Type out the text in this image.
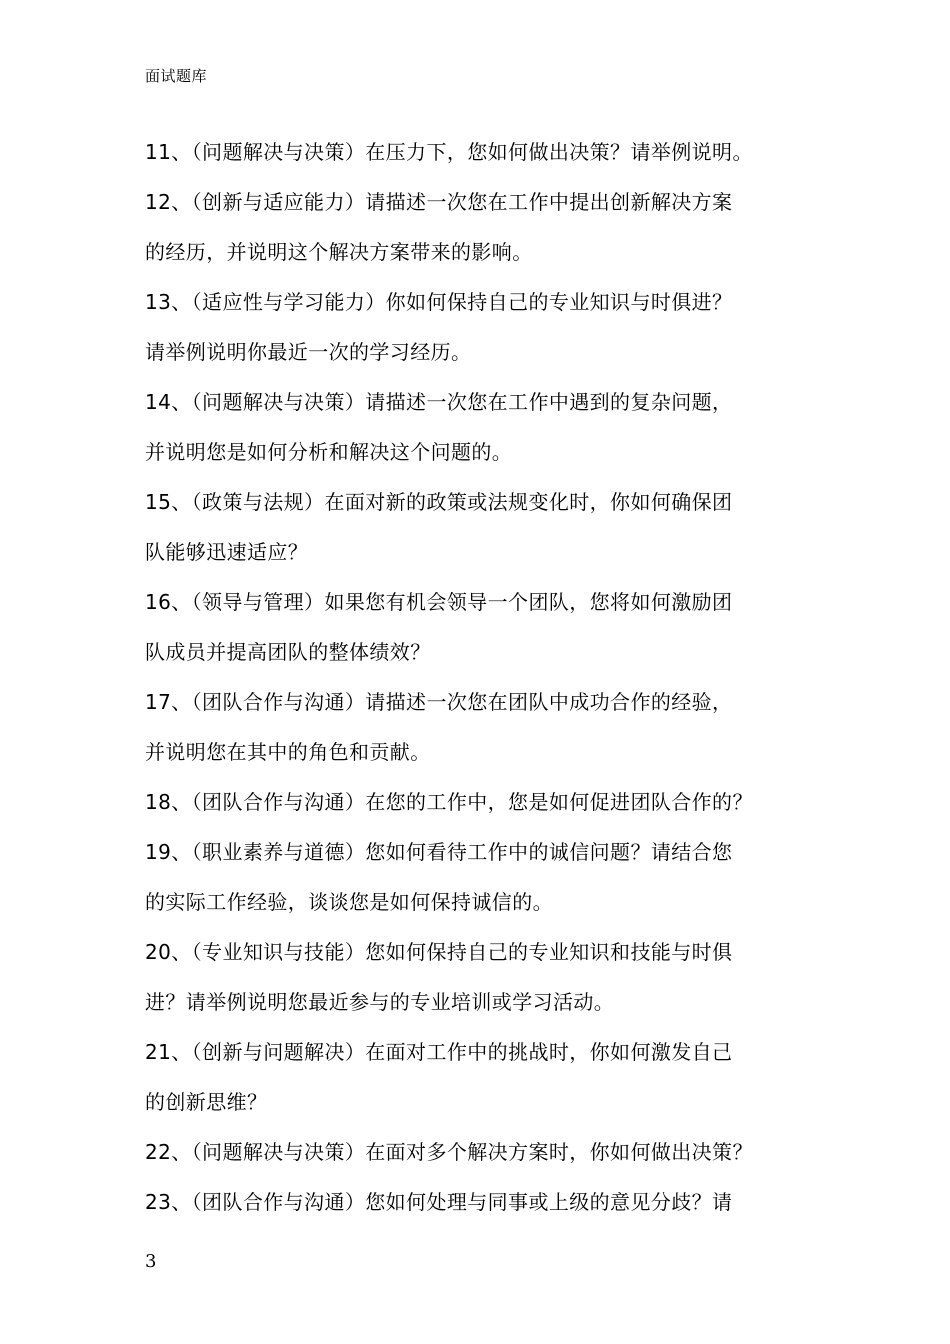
面试题库
11、（问题解决与决策）在压力下，您如何做出决策？请举例说明。
12、（创新与适应能力）请描述一次您在工作中提出创新解决方案
的经历，并说明这个解决方案带来的影响。
13、（适应性与学习能力）你如何保持自己的专业知识与时俱进？
请举例说明你最近一次的学习经历。
14、（问题解决与决策）请描述一次您在工作中遇到的复杂问题，
并说明您是如何分析和解决这个问题的。
15、（政策与法规）在面对新的政策或法规变化时，你如何确保团
队能够迅速适应？
16、（领导与管理）如果您有机会领导一个团队，您将如何激励团
队成员并提高团队的整体绩效？
17、（团队合作与沟通）请描述一次您在团队中成功合作的经验，
并说明您在其中的角色和贡献。
18、（团队合作与沟通）在您的工作中，您是如何促进团队合作的？
19、（职业素养与道德）您如何看待工作中的诚信问题？请结合您
的实际工作经验，谈谈您是如何保持诚信的。
20、（专业知识与技能）您如何保持自己的专业知识和技能与时俱
进？请举例说明您最近参与的专业培训或学习活动。
21、（创新与问题解决）在面对工作中的挑战时，你如何激发自己
的创新思维？
22、（问题解决与决策）在面对多个解决方案时，你如何做出决策？
23、（团队合作与沟通）您如何处理与同事或上级的意见分歧？请
3
